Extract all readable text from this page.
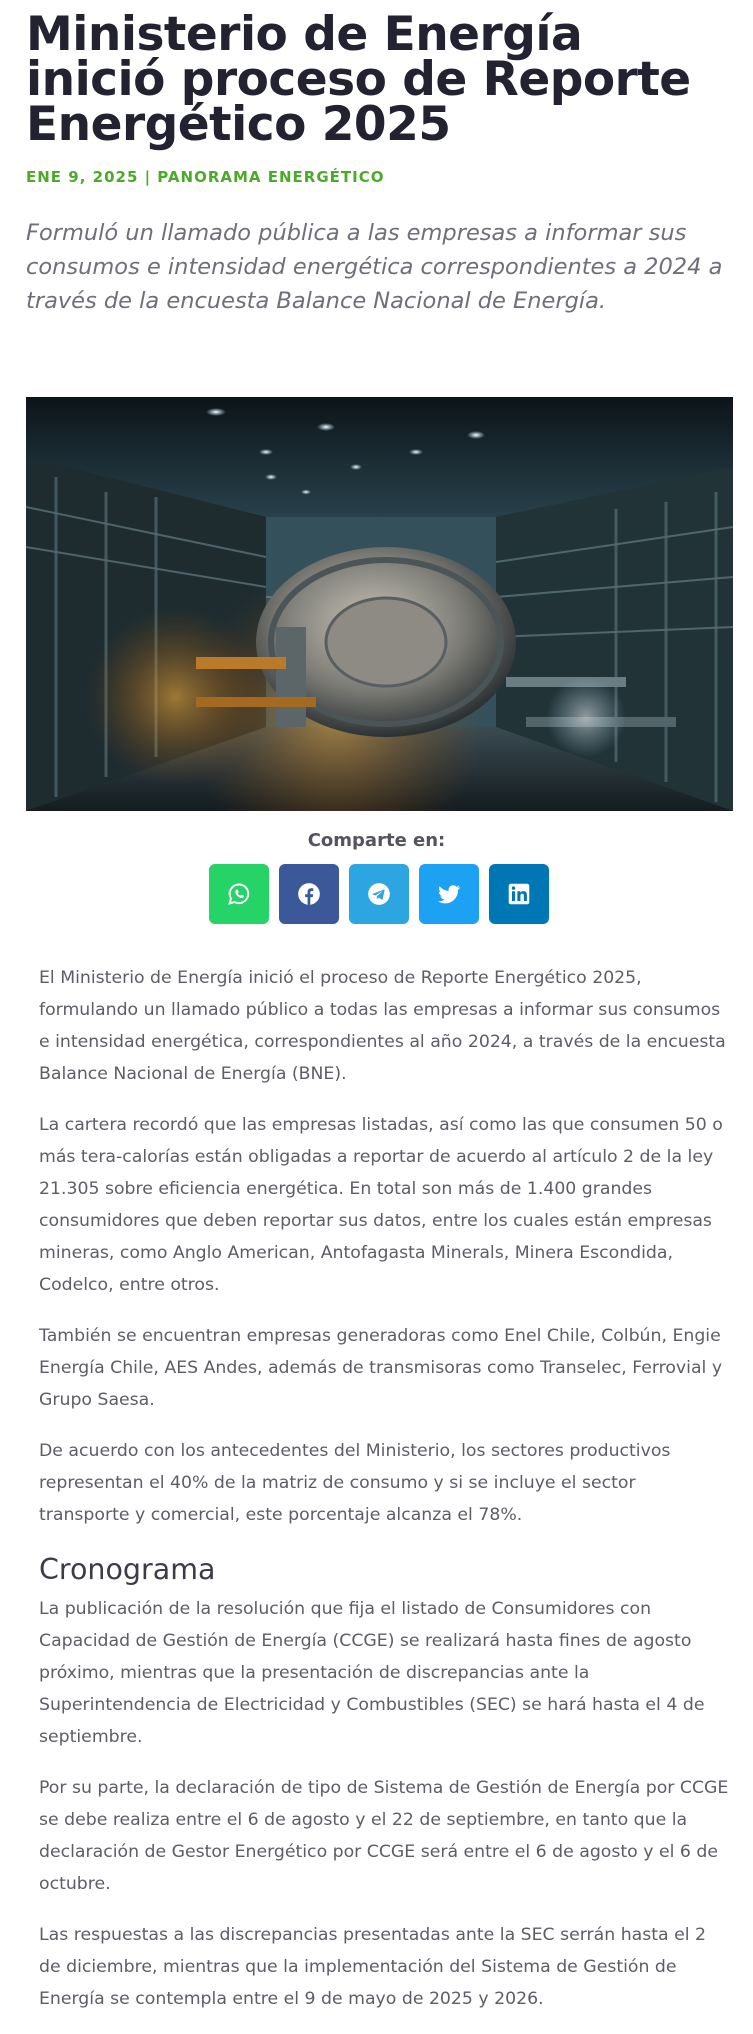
Ministerio de Energía inició proceso de Reporte Energético 2025
ENE 9, 2025 | PANORAMA ENERGÉTICO

Formuló un llamado pública a las empresas a informar sus consumos e intensidad energética correspondientes a 2024 a través de la encuesta Balance Nacional de Energía.

Comparte en:

El Ministerio de Energía inició el proceso de Reporte Energético 2025, formulando un llamado público a todas las empresas a informar sus consumos e intensidad energética, correspondientes al año 2024, a través de la encuesta Balance Nacional de Energía (BNE).

La cartera recordó que las empresas listadas, así como las que consumen 50 o más tera-calorías están obligadas a reportar de acuerdo al artículo 2 de la ley 21.305 sobre eficiencia energética. En total son más de 1.400 grandes consumidores que deben reportar sus datos, entre los cuales están empresas mineras, como Anglo American, Antofagasta Minerals, Minera Escondida, Codelco, entre otros.

También se encuentran empresas generadoras como Enel Chile, Colbún, Engie Energía Chile, AES Andes, además de transmisoras como Transelec, Ferrovial y Grupo Saesa.

De acuerdo con los antecedentes del Ministerio, los sectores productivos representan el 40% de la matriz de consumo y si se incluye el sector transporte y comercial, este porcentaje alcanza el 78%.

Cronograma

La publicación de la resolución que fija el listado de Consumidores con Capacidad de Gestión de Energía (CCGE) se realizará hasta fines de agosto próximo, mientras que la presentación de discrepancias ante la Superintendencia de Electricidad y Combustibles (SEC) se hará hasta el 4 de septiembre.

Por su parte, la declaración de tipo de Sistema de Gestión de Energía por CCGE se debe realiza entre el 6 de agosto y el 22 de septiembre, en tanto que la declaración de Gestor Energético por CCGE será entre el 6 de agosto y el 6 de octubre.

Las respuestas a las discrepancias presentadas ante la SEC serrán hasta el 2 de diciembre, mientras que la implementación del Sistema de Gestión de Energía se contempla entre el 9 de mayo de 2025 y 2026.
